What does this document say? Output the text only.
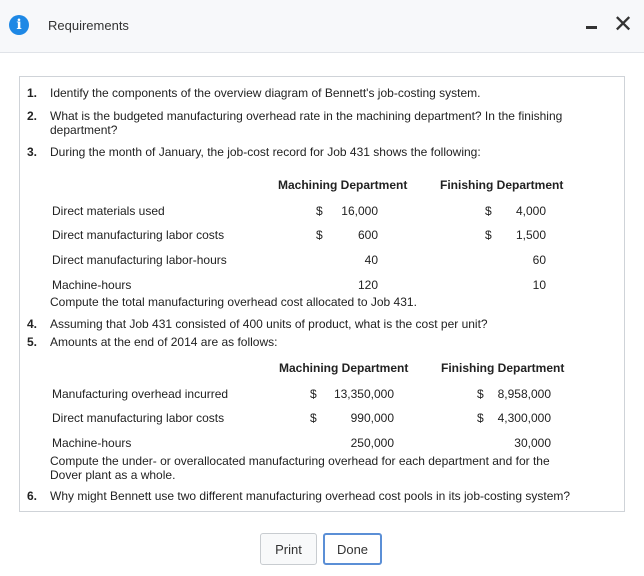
i	Requirements	✕
1. Identify the components of the overview diagram of Bennett's job-costing system.
2. What is the budgeted manufacturing overhead rate in the machining department? In the finishing
department?
3. During the month of January, the job-cost record for Job 431 shows the following:
Machining Department	Finishing Department
Direct materials used	$	16,000	$	4,000
Direct manufacturing labor costs	$	600	$	1,500
Direct manufacturing labor-hours	40	60
Machine-hours	120	10
Compute the total manufacturing overhead cost allocated to Job 431.
4. Assuming that Job 431 consisted of 400 units of product, what is the cost per unit?
5. Amounts at the end of 2014 are as follows:
Machining Department	Finishing Department
Manufacturing overhead incurred	$	13,350,000	$	8,958,000
Direct manufacturing labor costs	$	990,000	$	4,300,000
Machine-hours	250,000	30,000
Compute the under- or overallocated manufacturing overhead for each department and for the
Dover plant as a whole.
6. Why might Bennett use two different manufacturing overhead cost pools in its job-costing system?
Print	Done
